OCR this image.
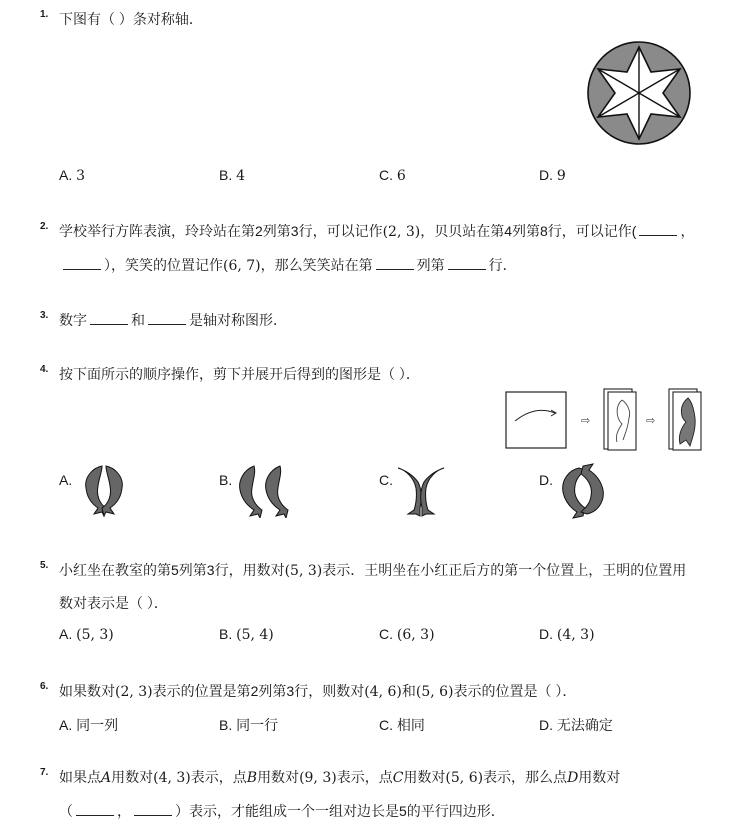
1. 下图有（ ）条对称轴．
A. 3	B. 4	C. 6	D. 9
2. 学校举行方阵表演，玲玲站在第2列第3行，可以记作(2, 3)，贝贝站在第4列第8行，可以记作(	，
），笑笑的位置记作(6, 7)，那么笑笑站在第	列第	行．
3. 数字	和	是轴对称图形．
4. 按下面所示的顺序操作，剪下并展开后得到的图形是（ ）．
⇨	⇨
A.	B.	C.	D.
5. 小红坐在教室的第5列第3行，用数对(5, 3)表示．王明坐在小红正后方的第一个位置上，王明的位置用
数对表示是（ ）．
A. (5, 3)	B. (5, 4)	C. (6, 3)	D. (4, 3)
6. 如果数对(2, 3)表示的位置是第2列第3行，则数对(4, 6)和(5, 6)表示的位置是（ ）．
A. 同一列	B. 同一行	C. 相同	D. 无法确定
7. 如果点A用数对(4, 3)表示，点B用数对(9, 3)表示，点C用数对(5, 6)表示，那么点D用数对
（	，	）表示，才能组成一个一组对边长是5的平行四边形．
